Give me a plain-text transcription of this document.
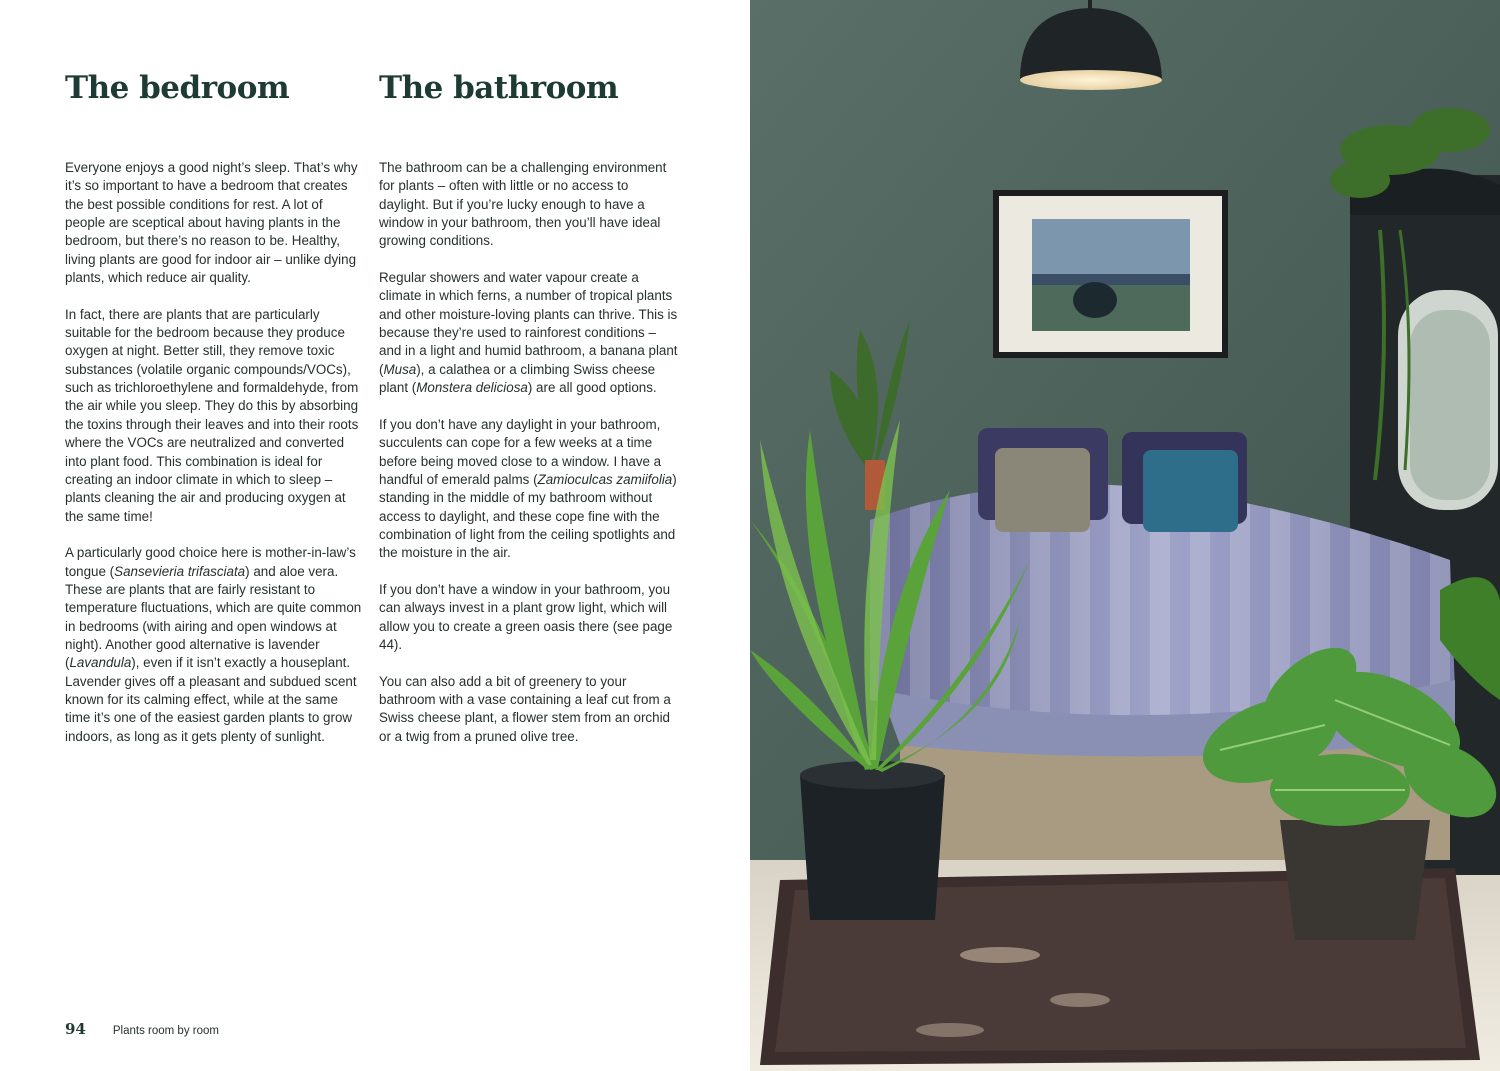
The bedroom

Everyone enjoys a good night’s sleep. That’s why it’s so important to have a bedroom that creates the best possible conditions for rest. A lot of people are sceptical about having plants in the bedroom, but there’s no reason to be. Healthy, living plants are good for indoor air – unlike dying plants, which reduce air quality.

In fact, there are plants that are particularly suitable for the bedroom because they produce oxygen at night. Better still, they remove toxic substances (volatile organic compounds/VOCs), such as trichloroethylene and formaldehyde, from the air while you sleep. They do this by absorbing the toxins through their leaves and into their roots where the VOCs are neutralized and converted into plant food. This combination is ideal for creating an indoor climate in which to sleep – plants cleaning the air and producing oxygen at the same time!

A particularly good choice here is mother-in-law’s tongue (Sansevieria trifasciata) and aloe vera. These are plants that are fairly resistant to temperature fluctuations, which are quite common in bedrooms (with airing and open windows at night). Another good alternative is lavender (Lavandula), even if it isn’t exactly a houseplant. Lavender gives off a pleasant and subdued scent known for its calming effect, while at the same time it’s one of the easiest garden plants to grow indoors, as long as it gets plenty of sunlight.

The bathroom

The bathroom can be a challenging environment for plants – often with little or no access to daylight. But if you’re lucky enough to have a window in your bathroom, then you’ll have ideal growing conditions.

Regular showers and water vapour create a climate in which ferns, a number of tropical plants and other moisture-loving plants can thrive. This is because they’re used to rainforest conditions – and in a light and humid bathroom, a banana plant (Musa), a calathea or a climbing Swiss cheese plant (Monstera deliciosa) are all good options.

If you don’t have any daylight in your bathroom, succulents can cope for a few weeks at a time before being moved close to a window. I have a handful of emerald palms (Zamioculcas zamiifolia) standing in the middle of my bathroom without access to daylight, and these cope fine with the combination of light from the ceiling spotlights and the moisture in the air.

If you don’t have a window in your bathroom, you can always invest in a plant grow light, which will allow you to create a green oasis there (see page 44).

You can also add a bit of greenery to your bathroom with a vase containing a leaf cut from a Swiss cheese plant, a flower stem from an orchid or a twig from a pruned olive tree.

94 Plants room by room
